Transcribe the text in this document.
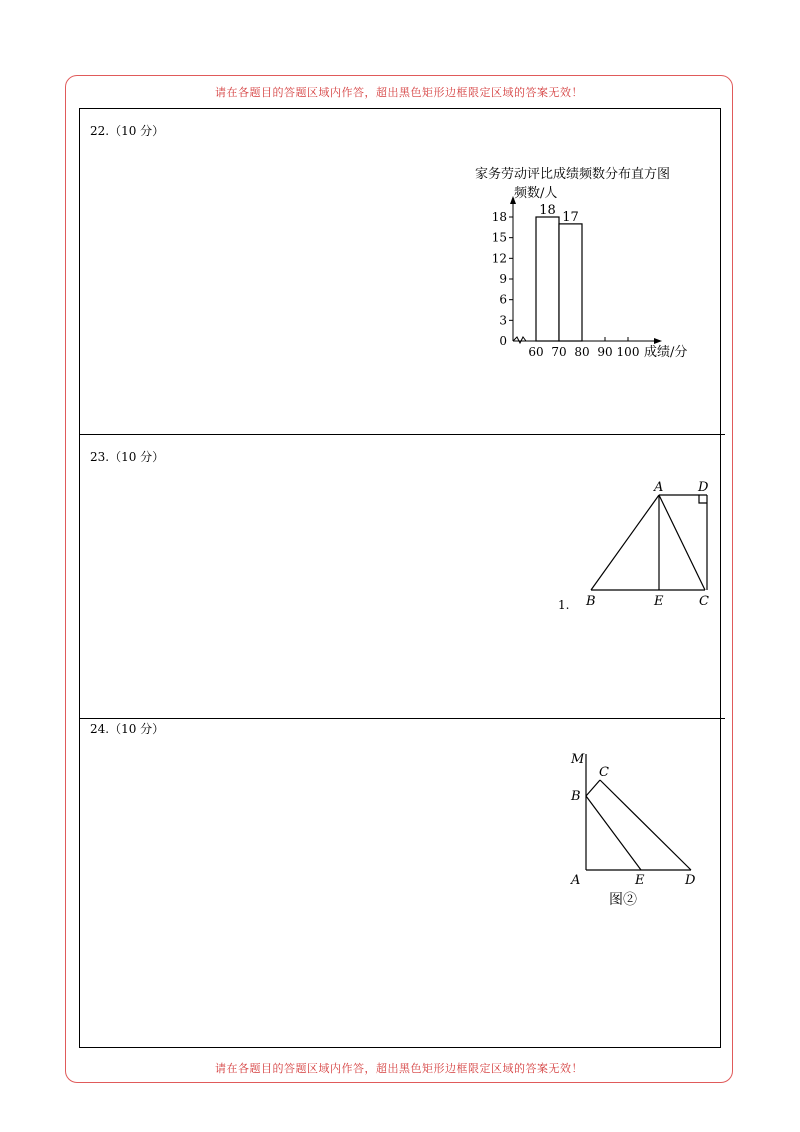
请在各题目的答题区域内作答，超出黑色矩形边框限定区域的答案无效！
请在各题目的答题区域内作答，超出黑色矩形边框限定区域的答案无效！
22.（10 分）
23.（10 分）
24.（10 分）
家务劳动评比成绩频数分布直方图
频数/人
成绩/分
18 17
0
3
6
9
12
15
18
60 70 80 90 100
1.
A	D
B	E	C
M
C
B
A	E	D
图②
